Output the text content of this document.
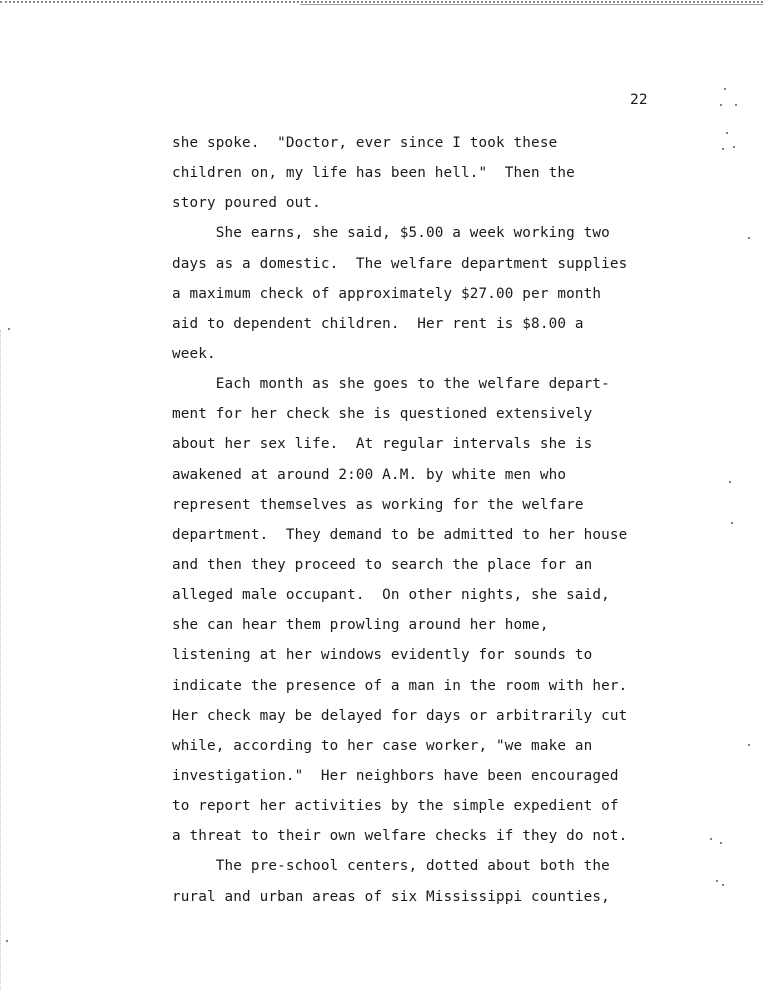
22
she spoke.  "Doctor, ever since I took these
children on, my life has been hell."  Then the
story poured out.
She earns, she said, $5.00 a week working two
days as a domestic.  The welfare department supplies
a maximum check of approximately $27.00 per month
aid to dependent children.  Her rent is $8.00 a
week.
Each month as she goes to the welfare depart-
ment for her check she is questioned extensively
about her sex life.  At regular intervals she is
awakened at around 2:00 A.M. by white men who
represent themselves as working for the welfare
department.  They demand to be admitted to her house
and then they proceed to search the place for an
alleged male occupant.  On other nights, she said,
she can hear them prowling around her home,
listening at her windows evidently for sounds to
indicate the presence of a man in the room with her.
Her check may be delayed for days or arbitrarily cut
while, according to her case worker, "we make an
investigation."  Her neighbors have been encouraged
to report her activities by the simple expedient of
a threat to their own welfare checks if they do not.
The pre-school centers, dotted about both the
rural and urban areas of six Mississippi counties,
